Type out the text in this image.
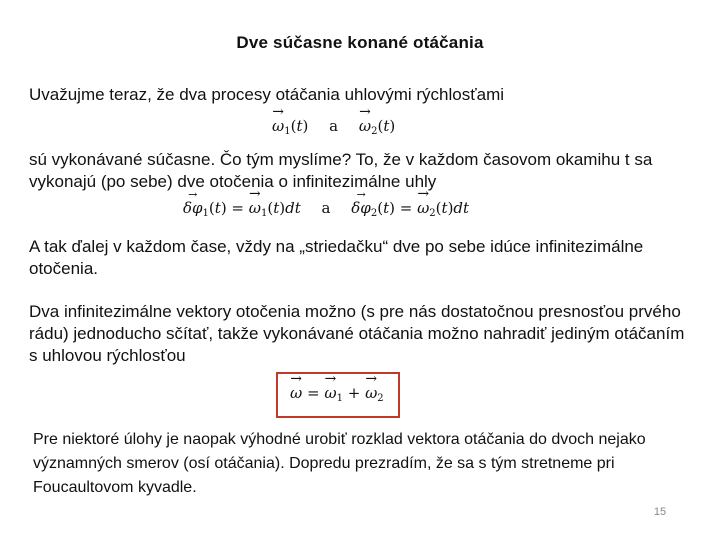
Dve súčasne konané otáčania
Uvažujme teraz, že dva procesy otáčania uhlovými rýchlosťami
→ $\omega_1(t) a \to \omega_2(t)$
sú vykonávané súčasne. Čo tým myslíme? To, že v každom časovom okamihu t sa vykonajú (po sebe) dve otočenia o infinitezimálne uhly
→ $\delta\varphi_1(t)$ = → $\omega_1(t)dt$ $a \to \delta\varphi_2(t)$ = → $\omega_2(t)dt$
A tak ďalej v každom čase, vždy na „striedačku“ dve po sebe idúce infinitezimálne otočenia.
Dva infinitezimálne vektory otočenia možno (s pre nás dostatočnou presnosťou prvého rádu) jednoducho sčítať, takže vykonávané otáčania možno nahradiť jediným otáčaním s uhlovou rýchlosťou
→ ω = → $\omega_1$ + → $\omega_2$
Pre niektoré úlohy je naopak výhodné urobiť rozklad vektora otáčania do dvoch nejako významných smerov (osí otáčania). Dopredu prezradím, že sa s tým stretneme pri Foucaultovom kyvadle.
15
